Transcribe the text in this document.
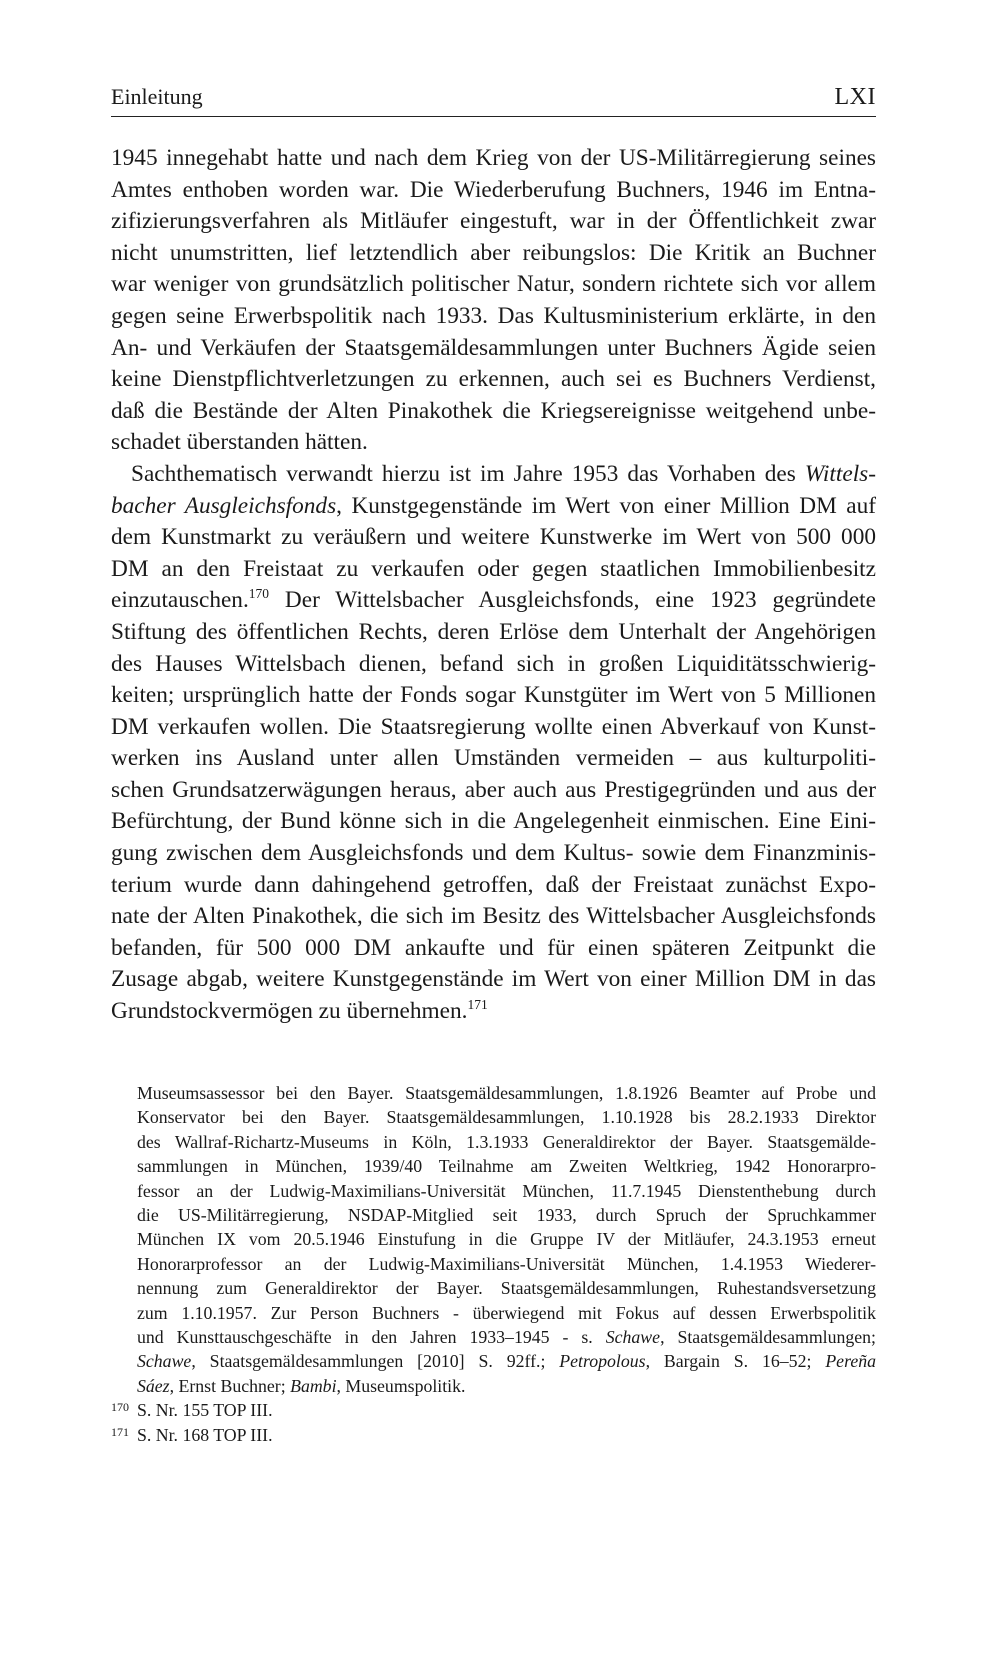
Einleitung	LXI

1945 innegehabt hatte und nach dem Krieg von der US-Militärregierung seines
Amtes enthoben worden war. Die Wiederberufung Buchners, 1946 im Entna-
zifizierungsverfahren als Mitläufer eingestuft, war in der Öffentlichkeit zwar
nicht unumstritten, lief letztendlich aber reibungslos: Die Kritik an Buchner
war weniger von grundsätzlich politischer Natur, sondern richtete sich vor allem
gegen seine Erwerbspolitik nach 1933. Das Kultusministerium erklärte, in den
An- und Verkäufen der Staatsgemäldesammlungen unter Buchners Ägide seien
keine Dienstpflichtverletzungen zu erkennen, auch sei es Buchners Verdienst,
daß die Bestände der Alten Pinakothek die Kriegsereignisse weitgehend unbe-
schadet überstanden hätten.

Sachthematisch verwandt hierzu ist im Jahre 1953 das Vorhaben des Wittels-
bacher Ausgleichsfonds, Kunstgegenstände im Wert von einer Million DM auf
dem Kunstmarkt zu veräußern und weitere Kunstwerke im Wert von 500 000
DM an den Freistaat zu verkaufen oder gegen staatlichen Immobilienbesitz
einzutauschen.$^{170}$ Der Wittelsbacher Ausgleichsfonds, eine 1923 gegründete
Stiftung des öffentlichen Rechts, deren Erlöse dem Unterhalt der Angehörigen
des Hauses Wittelsbach dienen, befand sich in großen Liquiditätsschwierig-
keiten; ursprünglich hatte der Fonds sogar Kunstgüter im Wert von 5 Millionen
DM verkaufen wollen. Die Staatsregierung wollte einen Abverkauf von Kunst-
werken ins Ausland unter allen Umständen vermeiden – aus kulturpoliti-
schen Grundsatzerwägungen heraus, aber auch aus Prestigegründen und aus der
Befürchtung, der Bund könne sich in die Angelegenheit einmischen. Eine Eini-
gung zwischen dem Ausgleichsfonds und dem Kultus- sowie dem Finanzminis-
terium wurde dann dahingehend getroffen, daß der Freistaat zunächst Expo-
nate der Alten Pinakothek, die sich im Besitz des Wittelsbacher Ausgleichsfonds
befanden, für 500 000 DM ankaufte und für einen späteren Zeitpunkt die
Zusage abgab, weitere Kunstgegenstände im Wert von einer Million DM in das
Grundstockvermögen zu übernehmen.$^{171}$

Museumsassessor bei den Bayer. Staatsgemäldesammlungen, 1.8.1926 Beamter auf Probe und
Konservator bei den Bayer. Staatsgemäldesammlungen, 1.10.1928 bis 28.2.1933 Direktor
des Wallraf-Richartz-Museums in Köln, 1.3.1933 Generaldirektor der Bayer. Staatsgemälde-
sammlungen in München, 1939/40 Teilnahme am Zweiten Weltkrieg, 1942 Honorarpro-
fessor an der Ludwig-Maximilians-Universität München, 11.7.1945 Dienstenthebung durch
die US-Militärregierung, NSDAP-Mitglied seit 1933, durch Spruch der Spruchkammer
München IX vom 20.5.1946 Einstufung in die Gruppe IV der Mitläufer, 24.3.1953 erneut
Honorarprofessor an der Ludwig-Maximilians-Universität München, 1.4.1953 Wiederer-
nennung zum Generaldirektor der Bayer. Staatsgemäldesammlungen, Ruhestandsversetzung
zum 1.10.1957. Zur Person Buchners - überwiegend mit Fokus auf dessen Erwerbspolitik
und Kunsttauschgeschäfte in den Jahren 1933–1945 - s. Schawe, Staatsgemäldesammlungen;
Schawe, Staatsgemäldesammlungen [2010] S. 92ff.; Petropolous, Bargain S. 16–52; Pereña
Sáez, Ernst Buchner; Bambi, Museumspolitik.
170 S. Nr. 155 TOP III.
171 S. Nr. 168 TOP III.
